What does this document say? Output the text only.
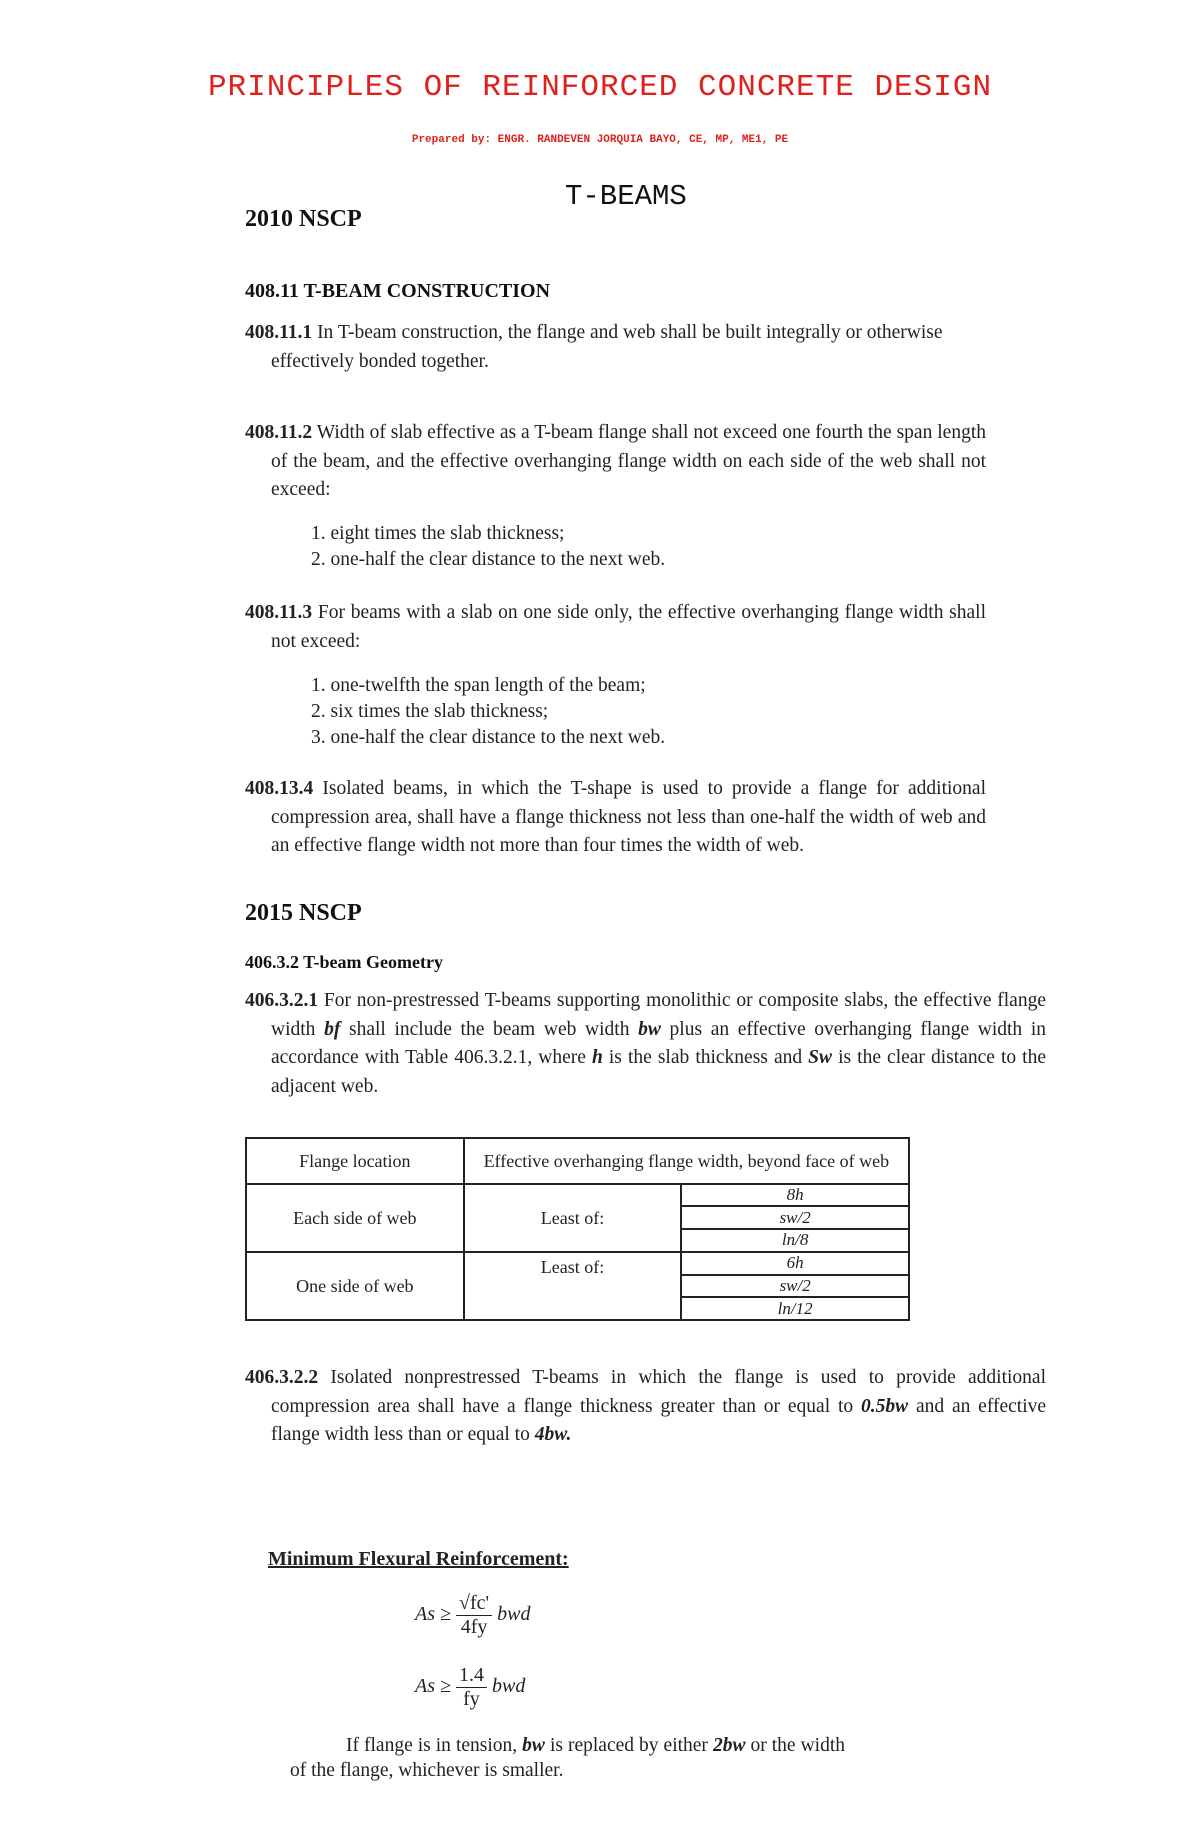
PRINCIPLES OF REINFORCED CONCRETE DESIGN
Prepared by: ENGR. RANDEVEN JORQUIA BAYO, CE, MP, ME1, PE
T-BEAMS
2010 NSCP
408.11 T-BEAM CONSTRUCTION

408.11.1 In T-beam construction, the flange and web shall be built integrally or otherwise effectively bonded together.

408.11.2 Width of slab effective as a T-beam flange shall not exceed one fourth the span length of the beam, and the effective overhanging flange width on each side of the web shall not exceed:

1. eight times the slab thickness;
2. one-half the clear distance to the next web.

408.11.3 For beams with a slab on one side only, the effective overhanging flange width shall not exceed:

1. one-twelfth the span length of the beam;
2. six times the slab thickness;
3. one-half the clear distance to the next web.

408.13.4 Isolated beams, in which the T-shape is used to provide a flange for additional compression area, shall have a flange thickness not less than one-half the width of web and an effective flange width not more than four times the width of web.

2015 NSCP
406.3.2 T-beam Geometry

406.3.2.1 For non-prestressed T-beams supporting monolithic or composite slabs, the effective flange width bf shall include the beam web width bw plus an effective overhanging flange width in accordance with Table 406.3.2.1, where h is the slab thickness and Sw is the clear distance to the adjacent web.

Flange location	Effective overhanging flange width, beyond face of web	
Each side of web	Least of:	8h
		sw/2
		ln/8
One side of web	Least of:	6h
		sw/2
		ln/12

406.3.2.2 Isolated nonprestressed T-beams in which the flange is used to provide additional compression area shall have a flange thickness greater than or equal to 0.5bw and an effective flange width less than or equal to 4bw.

Minimum Flexural Reinforcement:
$As \ge \frac{√fc'}{4fy}$ bwd
$As \ge \frac{1.4}{fy}$ bwd

If flange is in tension, bw is replaced by either 2bw or the width of the flange, whichever is smaller.
